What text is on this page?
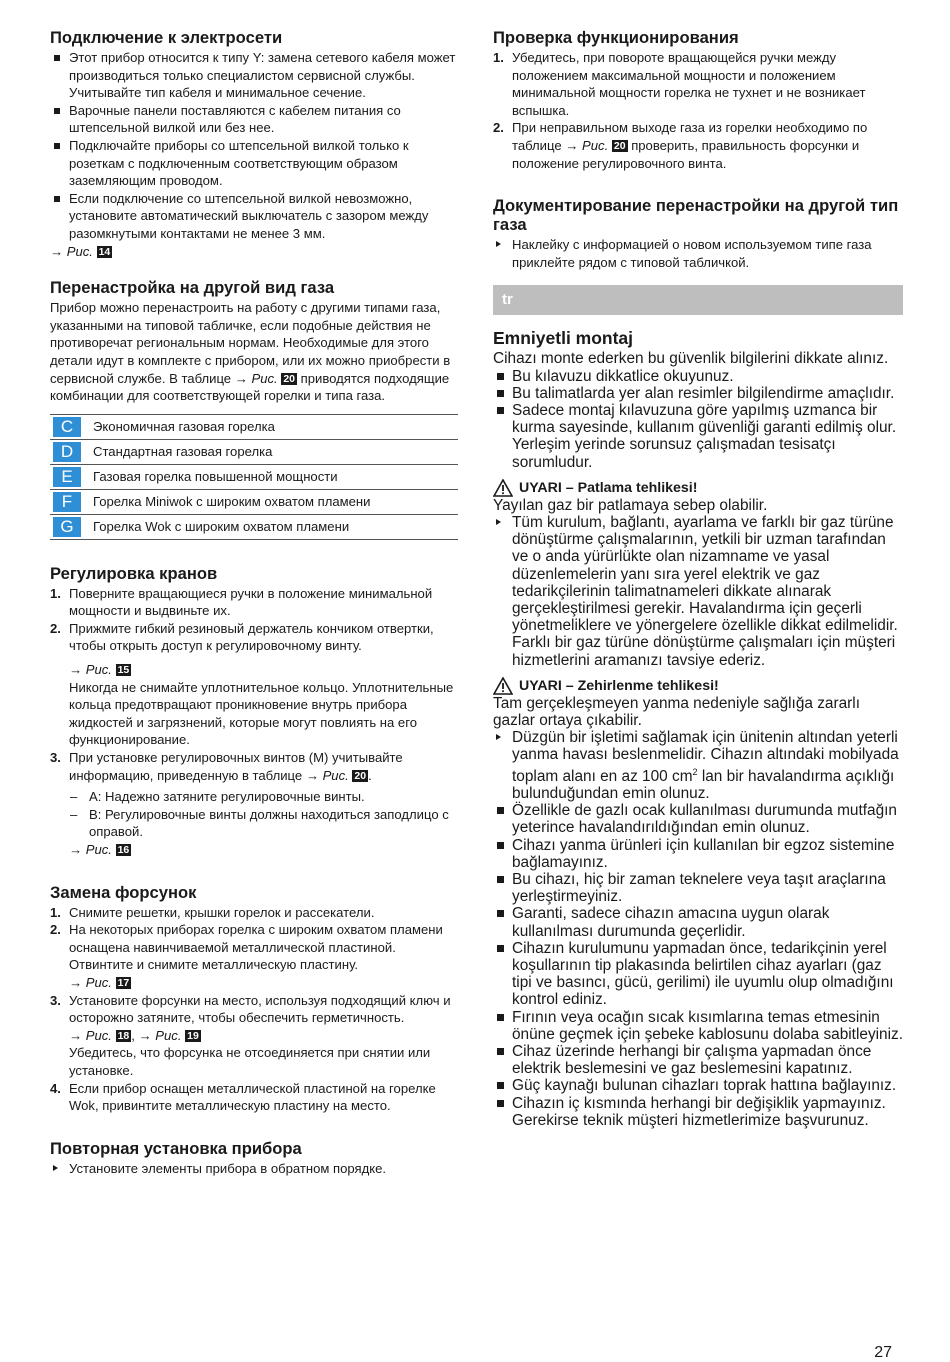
Подключение к электросети
Этот прибор относится к типу Y: замена сетевого кабеля может производиться только специалистом сервисной службы. Учитывайте тип кабеля и минимальное сечение.
Варочные панели поставляются с кабелем питания со штепсельной вилкой или без нее.
Подключайте приборы со штепсельной вилкой только к розеткам с подключенным соответствующим образом заземляющим проводом.
Если подключение со штепсельной вилкой невозможно, установите автоматический выключатель с зазором между разомкнутыми контактами не менее 3 мм.
→ Рис. 14
Перенастройка на другой вид газа

Прибор можно перенастроить на работу с другими типами газа, указанными на типовой табличке, если подобные действия не противоречат региональным нормам. Необходимые для этого детали идут в комплекте с прибором, или их можно приобрести в сервисной службе. В таблице → Рис. 20 приводятся подходящие комбинации для соответствующей горелки и типа газа.

C	Экономичная газовая горелка
D	Стандартная газовая горелка
E	Газовая горелка повышенной мощности
F	Горелка Miniwok с широким охватом пламени
G	Горелка Wok с широким охватом пламени
Регулировка кранов
1. Поверните вращающиеся ручки в положение минимальной мощности и выдвиньте их.
2. Прижмите гибкий резиновый держатель кончиком отвертки, чтобы открыть доступ к регулировочному винту.
→ Рис. 15
Никогда не снимайте уплотнительное кольцо. Уплотнительные кольца предотвращают проникновение внутрь прибора жидкостей и загрязнений, которые могут повлиять на его функционирование.
3. При установке регулировочных винтов (M) учитывайте информацию, приведенную в таблице → Рис. 20 .
– A: Надежно затяните регулировочные винты.
– B: Регулировочные винты должны находиться заподлицо с оправой.
→ Рис. 16
Замена форсунок
1. Снимите решетки, крышки горелок и рассекатели.
2. На некоторых приборах горелка с широким охватом пламени оснащена навинчиваемой металлической пластиной. Отвинтите и снимите металлическую пластину.
→ Рис. 17
3. Установите форсунки на место, используя подходящий ключ и осторожно затяните, чтобы обеспечить герметичность.
→ Рис. 18 , → Рис. 19
Убедитесь, что форсунка не отсоединяется при снятии или установке.
4. Если прибор оснащен металлической пластиной на горелке Wok, привинтите металлическую пластину на место.
Повторная установка прибора
Установите элементы прибора в обратном порядке.
Проверка функционирования
1. Убедитесь, при повороте вращающейся ручки между положением максимальной мощности и положением минимальной мощности горелка не тухнет и не возникает вспышка.
2. При неправильном выходе газа из горелки необходимо по таблице → Рис. 20 проверить, правильность форсунки и положение регулировочного винта.
Документирование перенастройки на другой тип газа
Наклейку с информацией о новом используемом типе газа приклейте рядом с типовой табличкой.
tr
Emniyetli montaj

Cihazı monte ederken bu güvenlik bilgilerini dikkate alınız.

Bu kılavuzu dikkatlice okuyunuz.
Bu talimatlarda yer alan resimler bilgilendirme amaçlıdır.
Sadece montaj kılavuzuna göre yapılmış uzmanca bir kurma sayesinde, kullanım güvenliği garanti edilmiş olur. Yerleşim yerinde sorunsuz çalışmadan tesisatçı sorumludur.
UYARI – Patlama tehlikesi!

Yayılan gaz bir patlamaya sebep olabilir.

Tüm kurulum, bağlantı, ayarlama ve farklı bir gaz türüne dönüştürme çalışmalarının, yetkili bir uzman tarafından ve o anda yürürlükte olan nizamname ve yasal düzenlemelerin yanı sıra yerel elektrik ve gaz tedarikçilerinin talimatnameleri dikkate alınarak gerçekleştirilmesi gerekir. Havalandırma için geçerli yönetmeliklere ve yönergelere özellikle dikkat edilmelidir. Farklı bir gaz türüne dönüştürme çalışmaları için müşteri hizmetlerini aramanızı tavsiye ederiz.
UYARI – Zehirlenme tehlikesi!

Tam gerçekleşmeyen yanma nedeniyle sağlığa zararlı gazlar ortaya çıkabilir.

Düzgün bir işletimi sağlamak için ünitenin altından yeterli yanma havası beslenmelidir. Cihazın altındaki mobilyada toplam alanı en az 100 $cm^2$ lan bir havalandırma açıklığı bulunduğundan emin olunuz.
Özellikle de gazlı ocak kullanılması durumunda mutfağın yeterince havalandırıldığından emin olunuz.
Cihazı yanma ürünleri için kullanılan bir egzoz sistemine bağlamayınız.
Bu cihazı, hiç bir zaman teknelere veya taşıt araçlarına yerleştirmeyiniz.
Garanti, sadece cihazın amacına uygun olarak kullanılması durumunda geçerlidir.
Cihazın kurulumunu yapmadan önce, tedarikçinin yerel koşullarının tip plakasında belirtilen cihaz ayarları (gaz tipi ve basıncı, gücü, gerilimi) ile uyumlu olup olmadığını kontrol ediniz.
Fırının veya ocağın sıcak kısımlarına temas etmesinin önüne geçmek için şebeke kablosunu dolaba sabitleyiniz.
Cihaz üzerinde herhangi bir çalışma yapmadan önce elektrik beslemesini ve gaz beslemesini kapatınız.
Güç kaynağı bulunan cihazları toprak hattına bağlayınız.
Cihazın iç kısmında herhangi bir değişiklik yapmayınız. Gerekirse teknik müşteri hizmetlerimize başvurunuz.
27
